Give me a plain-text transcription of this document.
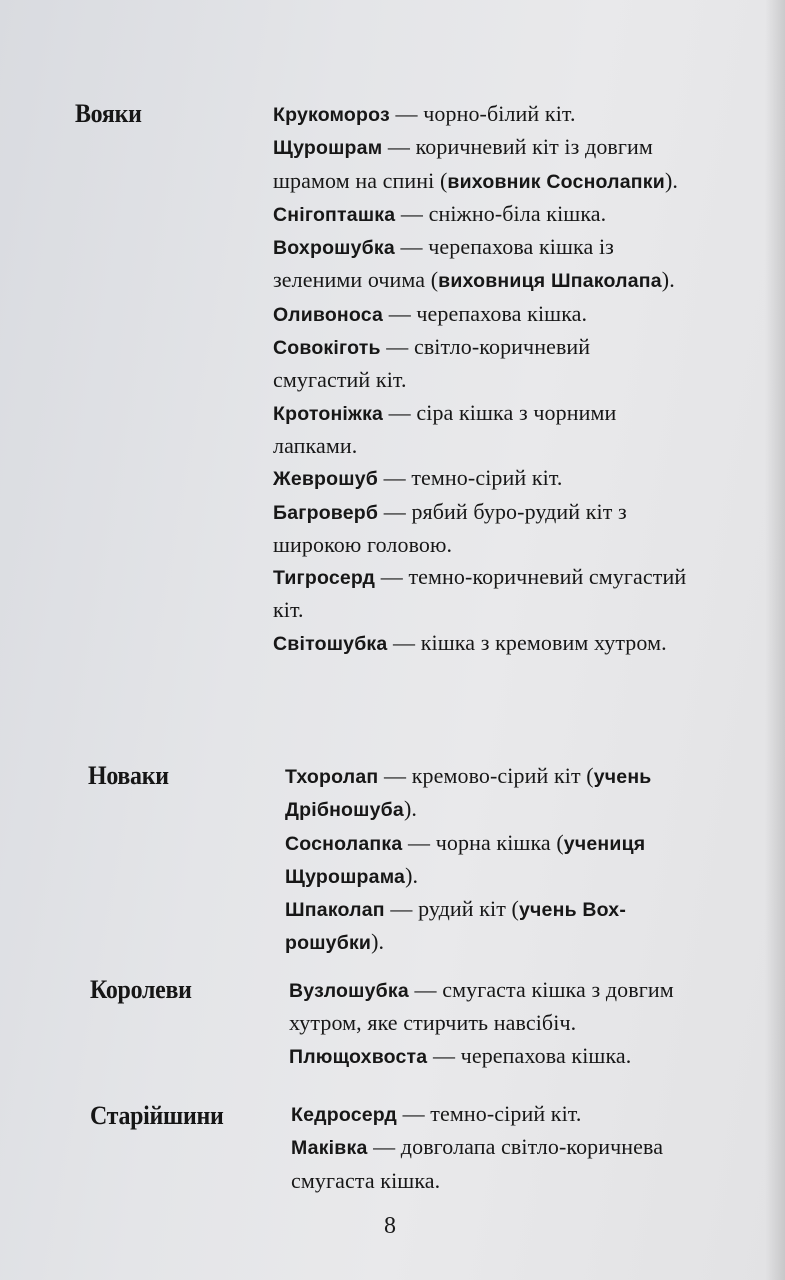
Вояки	Крукомороз — чорно-білий кіт.
Щурошрам — коричневий кіт із довгим шрамом на спині (виховник Соснолапки).
Снігопташка — сніжно-біла кішка.
Вохрошубка — черепахова кішка із зеленими очима (виховниця Шпаколапа).
Оливоноса — черепахова кішка.
Совокіготь — світло-коричневий смугастий кіт.
Кротоніжка — сіра кішка з чорними лапками.
Жеврошуб — темно-сірий кіт.
Багроверб — рябий буро-рудий кіт з широкою головою.
Тигросерд — темно-коричневий смугастий кіт.
Світошубка — кішка з кремовим хутром.
Новаки	Тхоролап — кремово-сірий кіт (учень Дрібношуба).
Соснолапка — чорна кішка (учениця Щурошрама).
Шпаколап — рудий кіт (учень Вохрошубки).
Королеви	Вузлошубка — смугаста кішка з довгим хутром, яке стирчить навсібіч.
Плющохвоста — черепахова кішка.
Старійшини	Кедросерд — темно-сірий кіт.
Маківка — довголапа світло-коричнева смугаста кішка.
8
